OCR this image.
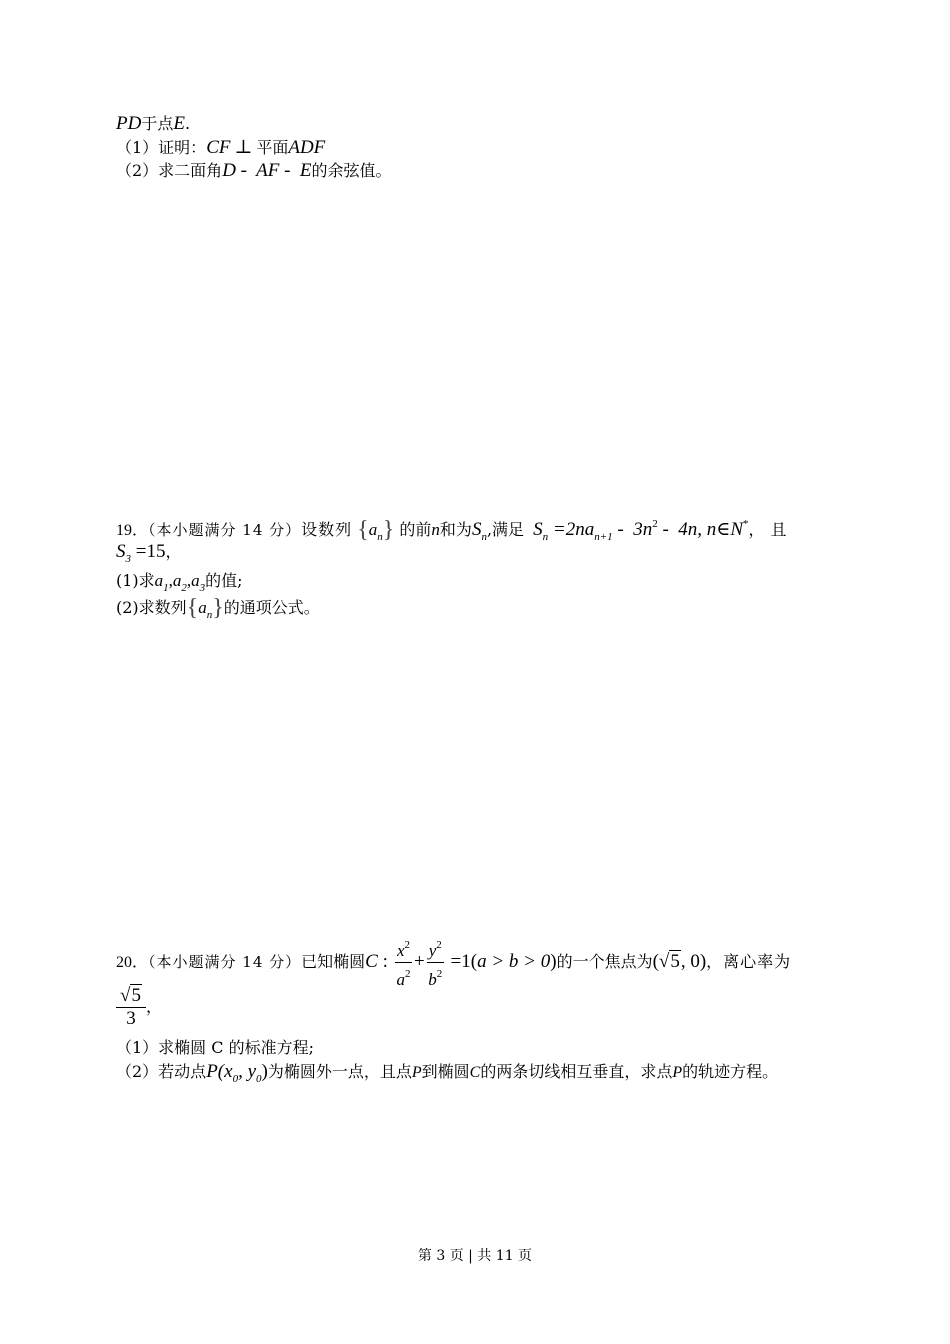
PD于点E.
（1）证明：CF ⊥ 平面ADF
（2）求二面角D -  AF -  E的余弦值。
19．（本小题满分 14 分）设数列 $\{a_n\}$ 的前n和为$S_n$,满足 $S_n =2na_{n+1} - 3n^2 - 4n$, n∈N*，且
$S_3 =15$，
(1)求$a_1,a_2,a_3$的值;
(2)求数列$\{a_n\}$的通项公式。
20．（本小题满分 14 分）已知椭圆C : $\frac{x^2}{a^2} + \frac{y^2}{b^2} =1(a > b > 0)$的一个焦点为(√5, 0)，离心率为
$\frac{√5}{3}$ ，
（1）求椭圆 C 的标准方程;
（2）若动点$P(x_0$, $y_0$)为椭圆外一点，且点P到椭圆C的两条切线相互垂直，求点P的轨迹方程。
第 3 页 | 共 11 页
